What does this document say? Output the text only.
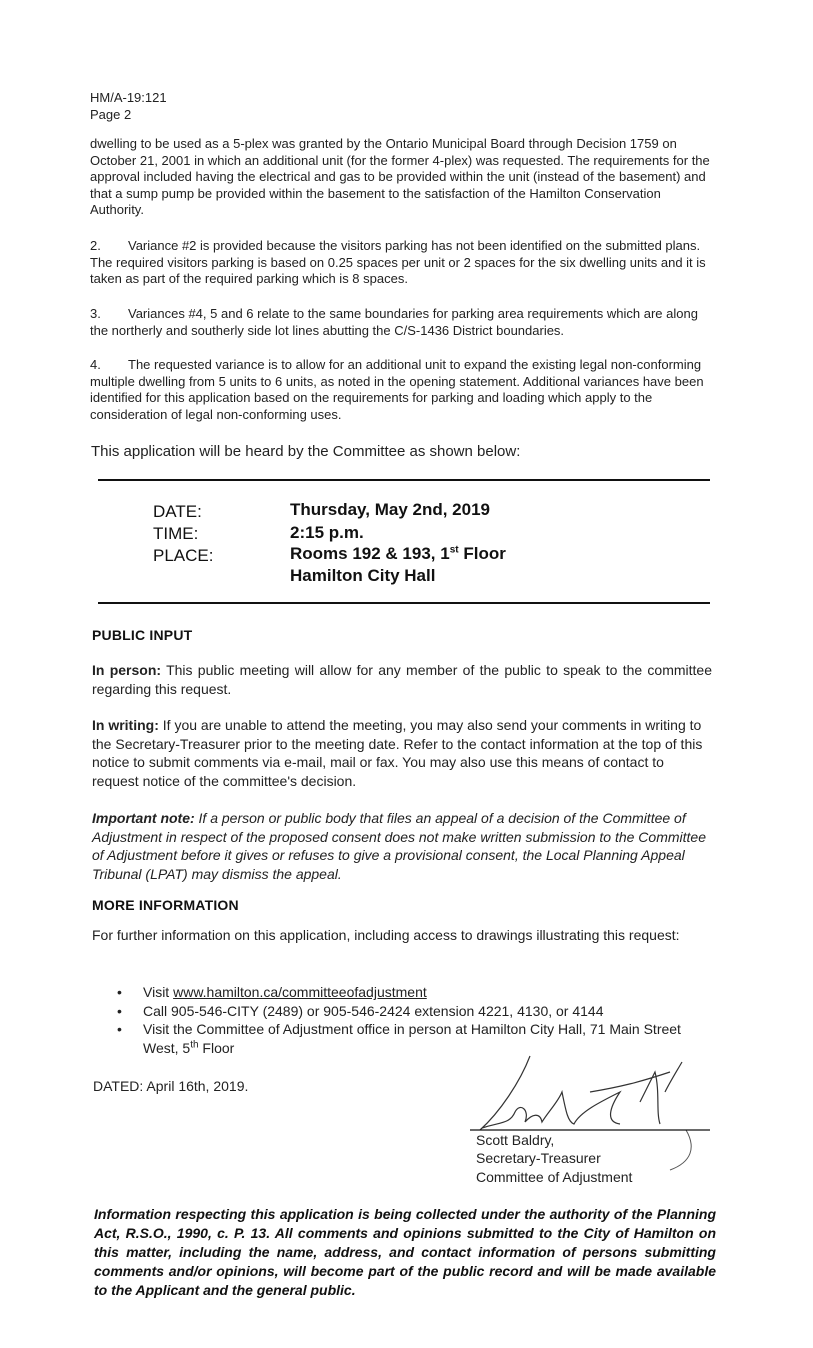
HM/A-19:121
Page 2
dwelling to be used as a 5-plex was granted by the Ontario Municipal Board through Decision 1759 on October 21, 2001 in which an additional unit (for the former 4-plex) was requested. The requirements for the approval included having the electrical and gas to be provided within the unit (instead of the basement) and that a sump pump be provided within the basement to the satisfaction of the Hamilton Conservation Authority.
2. Variance #2 is provided because the visitors parking has not been identified on the submitted plans. The required visitors parking is based on 0.25 spaces per unit or 2 spaces for the six dwelling units and it is taken as part of the required parking which is 8 spaces.
3. Variances #4, 5 and 6 relate to the same boundaries for parking area requirements which are along the northerly and southerly side lot lines abutting the C/S-1436 District boundaries.
4. The requested variance is to allow for an additional unit to expand the existing legal non-conforming multiple dwelling from 5 units to 6 units, as noted in the opening statement. Additional variances have been identified for this application based on the requirements for parking and loading which apply to the consideration of legal non-conforming uses.
This application will be heard by the Committee as shown below:
DATE:	Thursday, May 2nd, 2019
TIME:	2:15 p.m.
PLACE:	Rooms 192 & 193, 1st Floor
Hamilton City Hall
PUBLIC INPUT
In person: This public meeting will allow for any member of the public to speak to the committee regarding this request.
In writing: If you are unable to attend the meeting, you may also send your comments in writing to the Secretary-Treasurer prior to the meeting date. Refer to the contact information at the top of this notice to submit comments via e-mail, mail or fax. You may also use this means of contact to request notice of the committee's decision.
Important note: If a person or public body that files an appeal of a decision of the Committee of Adjustment in respect of the proposed consent does not make written submission to the Committee of Adjustment before it gives or refuses to give a provisional consent, the Local Planning Appeal Tribunal (LPAT) may dismiss the appeal.
MORE INFORMATION
For further information on this application, including access to drawings illustrating this request:
• Visit www.hamilton.ca/committeeofadjustment
• Call 905-546-CITY (2489) or 905-546-2424 extension 4221, 4130, or 4144
• Visit the Committee of Adjustment office in person at Hamilton City Hall, 71 Main Street West, 5th Floor
DATED: April 16th, 2019.
Scott Baldry,
Secretary-Treasurer
Committee of Adjustment
Information respecting this application is being collected under the authority of the Planning Act, R.S.O., 1990, c. P. 13. All comments and opinions submitted to the City of Hamilton on this matter, including the name, address, and contact information of persons submitting comments and/or opinions, will become part of the public record and will be made available to the Applicant and the general public.
